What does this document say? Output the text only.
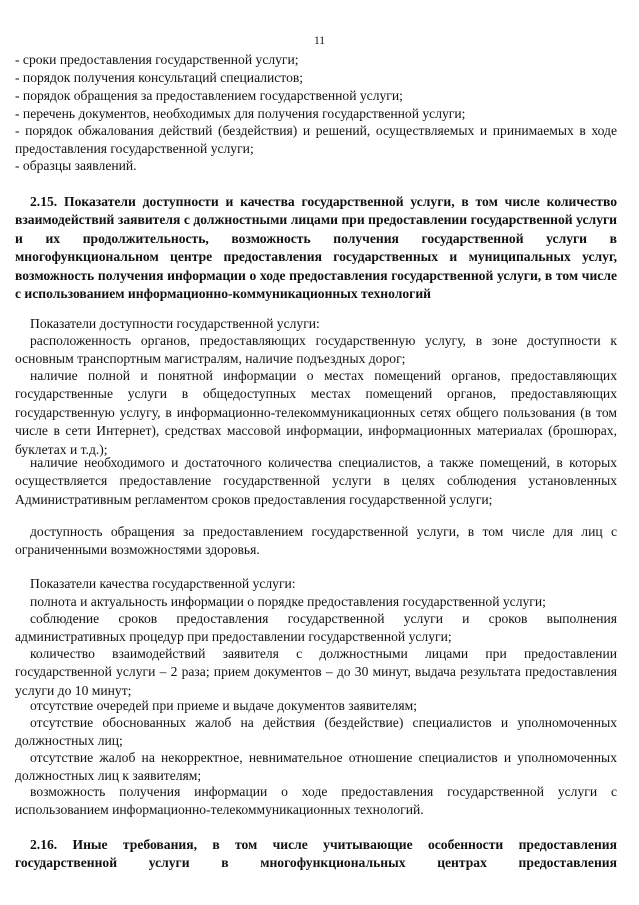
11

- сроки предоставления государственной услуги;

- порядок получения консультаций специалистов;

- порядок обращения за предоставлением государственной услуги;

- перечень документов, необходимых для получения государственной услуги;

- порядок обжалования действий (бездействия) и решений, осуществляемых и принимаемых в ходе предоставления государственной услуги;

- образцы заявлений.

2.15. Показатели доступности и качества государственной услуги, в том числе количество взаимодействий заявителя с должностными лицами при предоставлении государственной услуги и их продолжительность, возможность получения государственной услуги в многофункциональном центре предоставления государственных и муниципальных услуг, возможность получения информации о ходе предоставления государственной услуги, в том числе с использованием информационно-коммуникационных технологий

Показатели доступности государственной услуги:

расположенность органов, предоставляющих государственную услугу, в зоне доступности к основным транспортным магистралям, наличие подъездных дорог;

наличие полной и понятной информации о местах помещений органов, предоставляющих государственные услуги в общедоступных местах помещений органов, предоставляющих государственную услугу, в информационно-телекоммуникационных сетях общего пользования (в том числе в сети Интернет), средствах массовой информации, информационных материалах (брошюрах, буклетах и т.д.);

наличие необходимого и достаточного количества специалистов, а также помещений, в которых осуществляется предоставление государственной услуги в целях соблюдения установленных Административным регламентом сроков предоставления государственной услуги;

доступность обращения за предоставлением государственной услуги, в том числе для лиц с ограниченными возможностями здоровья.

Показатели качества государственной услуги:

полнота и актуальность информации о порядке предоставления государственной услуги;

соблюдение сроков предоставления государственной услуги и сроков выполнения административных процедур при предоставлении государственной услуги;

количество взаимодействий заявителя с должностными лицами при предоставлении государственной услуги – 2 раза; прием документов – до 30 минут, выдача результата предоставления услуги до 10 минут;

отсутствие очередей при приеме и выдаче документов заявителям;

отсутствие обоснованных жалоб на действия (бездействие) специалистов и уполномоченных должностных лиц;

отсутствие жалоб на некорректное, невнимательное отношение специалистов и уполномоченных должностных лиц к заявителям;

возможность получения информации о ходе предоставления государственной услуги с использованием информационно-телекоммуникационных технологий.

2.16. Иные требования, в том числе учитывающие особенности предоставления государственной услуги в многофункциональных центрах предоставления
